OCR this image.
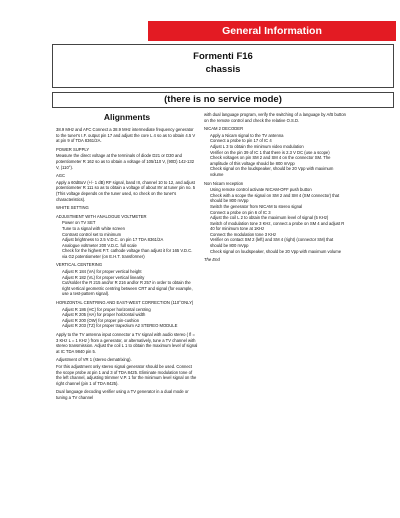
General Information
Formenti F16
chassis
(there is no service mode)
Alignments
38.9 MHz and AFC Connect a 38.9 MHz intermediate frequency generator to the tuner's I.F. output pin 17 and adjust the core L 4 so as to obtain 4.5 V at pin 9 of TDA 8361/2A.
POWER SUPPLY
Measure the direct voltage at the terminals of diode D21 or D30 and potentiometer R 162 so as to obtain a voltage of 105/110 V, (90D) 142-132 V, (110°).
AGC
Apply a 60dBuV (+/- 1 dB) RF signal, band III, channel 10 to 12, and adjust potentiometer R 111 so as to obtain a voltage of about 8V at tuner pin no. 5 (This voltage depends on the tuner used, so check on the tuner's characteristics).
WHITE SETTING
ADJUSTMENT WITH ANALOGUE VOLTMETER
• Power on TV SET
• Tune to a signal with white screen
• Contrast control set to minimum
• Adjust brightness to 2.5 V.D.C. on pin 17 TDA 8361/2A
• Analogue voltmeter 200 V.D.C. full scale
• Check for the highest P.T. cathode voltage than adjust it for 165 V.D.C. via G2 potentiometer (on E.H.T. transformer)
VERTICAL CENTERING
• Adjust R 184 (VA) for proper vertical height
• Adjust R 182 (VL) for proper vertical linearity
• Cut/solder the R 215 and/or R 216 and/or R 257 in order to obtain the right vertical geometric centring between CRT and signal (for example, use a test-pattern signal).
HORIZONTAL CENTRING AND EAST-WEST CORRECTION (110°ONLY)
• Adjust R 186 (HC) for proper horizontal centring
• Adjust R 205 (HA) for proper horizontal width
• Adjust R 200 (OW) for proper pin-cushion
• Adjust R 203 (TZ) for proper trapezium A2 STEREO MODULE
Apply to the TV antenna input connector a TV signal with audio stereo ( fl = 3 KHz L = 1 KHz ) from a generator, or alternatively, tune a TV channel with stereo transmission. Adjust the coil L 1 to obtain the maximum level of signal at IC TDA 9840 pin 5.
Adjustment of VR 1 (stereo dematrixing).
For this adjustment only stereo signal generator should be used. Connect the scope probe at pin 1 and 3 of TDA 8425. Eliminate modulation tone of the left channel, adjusting trimmer V.P. 1 for the minimum level signal on the right channel (pin 1 of TDA 8425).
Dual language decoding verifier using a TV generator in a dual mode or tuning a TV channel
with dual language program, verify the switching of a language by A/B button on the remote control and check the relative O.S.D.
NICAM 2 DECODER
• Apply a Nicam signal to the TV antenna
• Connect a probe to pin 17 of IC 4
• Adjust L 3 to obtain the minimum video modulation
• Verifier on the pin 39 of IC 1 that there is 2.3 V DC (use a scope)
• Check voltages on pin SM 2 and SM 4 on the connector SM. The amplitude of this voltage should be 800 mVpp
• Check signal on the loudspeaker, should be 20 Vpp with maximum volume
Non Nicam reception
• Using remote control activate NICAM-OFF push button
• Check with a scope the signal on SM 2 and SM 4 (SM connector) that should be 800 mVpp
• Switch the generator from NICAM to stereo signal
• Connect a probe on pin 6 of IC 3
• Adjust the coil L 2 to obtain the maximum level of signal (5 KHz)
• Switch of modulation tone 3 KHz, connect a probe on SM 4 and adjust R 40 for minimum tone at 1KHz
• Connect the modulation tone 3 KHz
• Verifier on contact SM 2 (left) and SM 4 (right) (connector SM) that should be 800 mVpp
• Check signal on loudspeaker, should be 20 Vpp with maximum volume
The End
